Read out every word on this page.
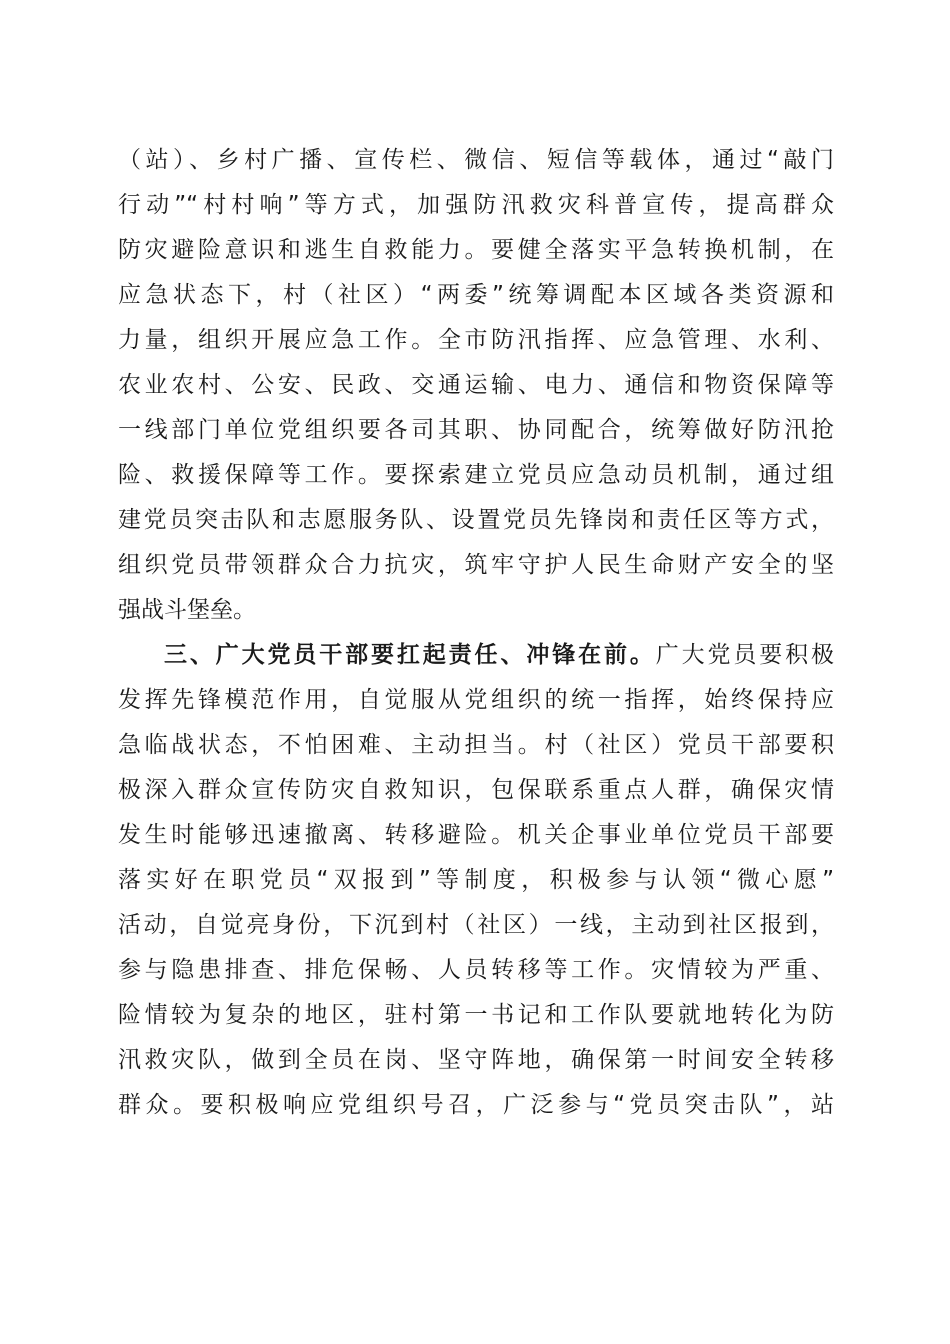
（站）、乡村广播、宣传栏、微信、短信等载体，通过“敲门
行动”“村村响”等方式，加强防汛救灾科普宣传，提高群众
防灾避险意识和逃生自救能力。要健全落实平急转换机制，在
应急状态下，村（社区）“两委”统筹调配本区域各类资源和
力量，组织开展应急工作。全市防汛指挥、应急管理、水利、
农业农村、公安、民政、交通运输、电力、通信和物资保障等
一线部门单位党组织要各司其职、协同配合，统筹做好防汛抢
险、救援保障等工作。要探索建立党员应急动员机制，通过组
建党员突击队和志愿服务队、设置党员先锋岗和责任区等方式，
组织党员带领群众合力抗灾，筑牢守护人民生命财产安全的坚
强战斗堡垒。
三、广大党员干部要扛起责任、冲锋在前。广大党员要积极
发挥先锋模范作用，自觉服从党组织的统一指挥，始终保持应
急临战状态，不怕困难、主动担当。村（社区）党员干部要积
极深入群众宣传防灾自救知识，包保联系重点人群，确保灾情
发生时能够迅速撤离、转移避险。机关企事业单位党员干部要
落实好在职党员“双报到”等制度，积极参与认领“微心愿”
活动，自觉亮身份，下沉到村（社区）一线，主动到社区报到，
参与隐患排查、排危保畅、人员转移等工作。灾情较为严重、
险情较为复杂的地区，驻村第一书记和工作队要就地转化为防
汛救灾队，做到全员在岗、坚守阵地，确保第一时间安全转移
群众。要积极响应党组织号召，广泛参与“党员突击队”，站
